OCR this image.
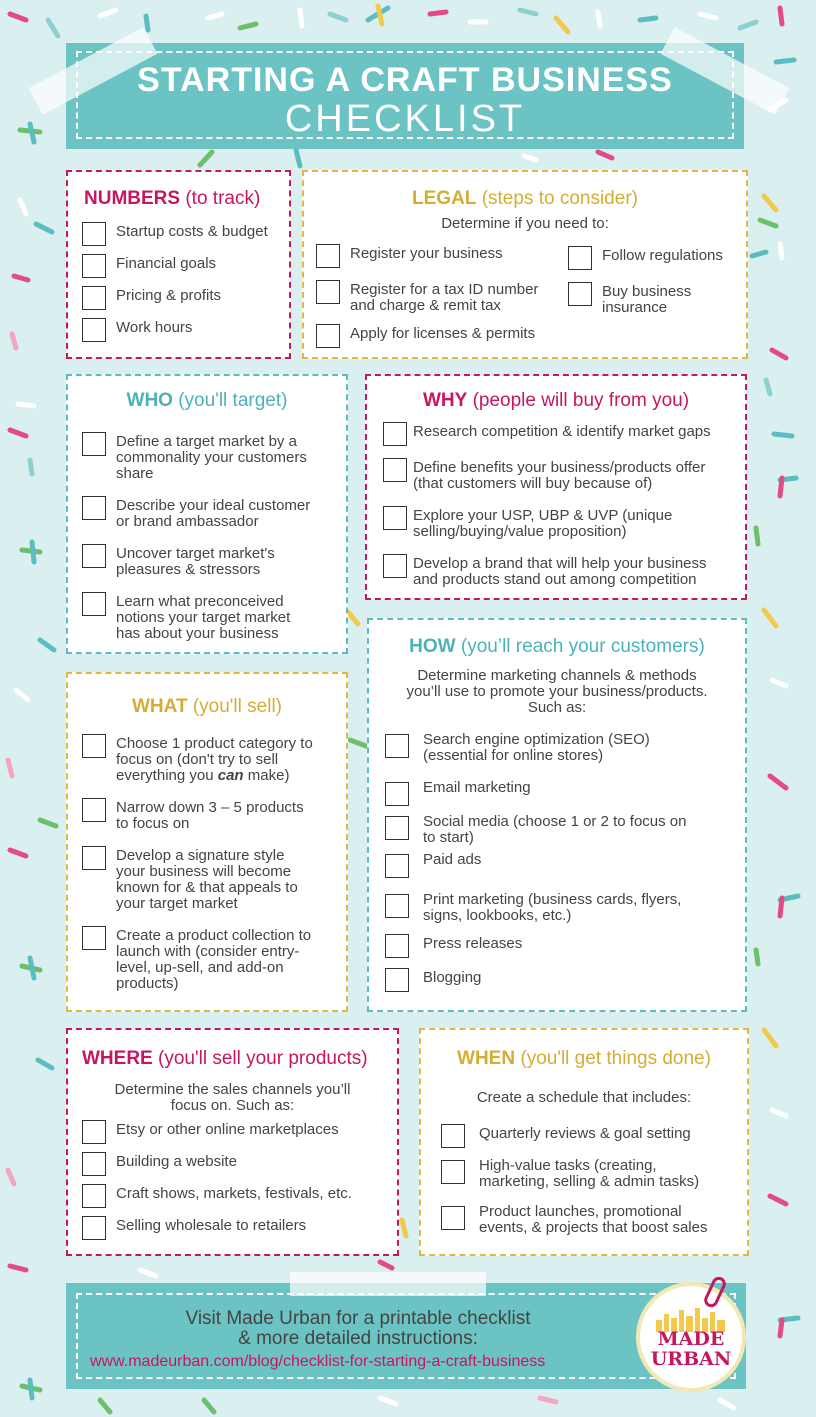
STARTING A CRAFT BUSINESS
CHECKLIST
NUMBERS (to track)
Startup costs & budget
Financial goals
Pricing & profits
Work hours
LEGAL (steps to consider)
Determine if you need to:
Register your business
Register for a tax ID number
and charge & remit tax
Apply for licenses & permits
Follow regulations
Buy business
insurance
WHO (you'll target)
Define a target market by a
commonality your customers
share
Describe your ideal customer
or brand ambassador
Uncover target market's
pleasures & stressors
Learn what preconceived
notions your target market
has about your business
WHY (people will buy from you)
Research competition & identify market gaps
Define benefits your business/products offer
(that customers will buy because of)
Explore your USP, UBP & UVP (unique
selling/buying/value proposition)
Develop a brand that will help your business
and products stand out among competition
WHAT (you'll sell)
Choose 1 product category to
focus on (don't try to sell
everything you can make)
Narrow down 3 – 5 products
to focus on
Develop a signature style
your business will become
known for & that appeals to
your target market
Create a product collection to
launch with (consider entry-
level, up-sell, and add-on
products)
HOW (you’ll reach your customers)
Determine marketing channels & methods
you’ll use to promote your business/products.
Such as:
Search engine optimization (SEO)
(essential for online stores)
Email marketing
Social media (choose 1 or 2 to focus on
to start)
Paid ads
Print marketing (business cards, flyers,
signs, lookbooks, etc.)
Press releases
Blogging
WHERE (you'll sell your products)
Determine the sales channels you’ll
focus on. Such as:
Etsy or other online marketplaces
Building a website
Craft shows, markets, festivals, etc.
Selling wholesale to retailers
WHEN (you'll get things done)
Create a schedule that includes:
Quarterly reviews & goal setting
High-value tasks (creating,
marketing, selling & admin tasks)
Product launches, promotional
events, & projects that boost sales
Visit Made Urban for a printable checklist
& more detailed instructions:
www.madeurban.com/blog/checklist-for-starting-a-craft-business
MADE
URBAN
